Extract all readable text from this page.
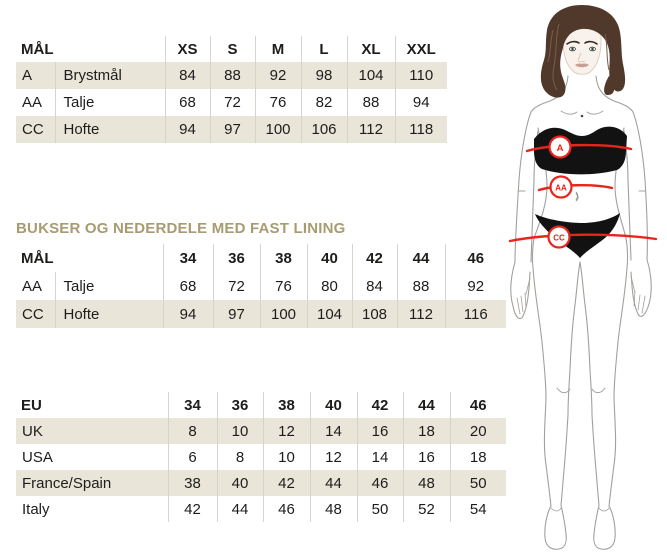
MÅL		XS	S	M	L	XL	XXL
A	Brystmål	84	88	92	98	104	110
AA	Talje	68	72	76	82	88	94
CC	Hofte	94	97	100	106	112	118
BUKSER OG NEDERDELE MED FAST LINING
MÅL		34	36	38	40	42	44	46
AA	Talje	68	72	76	80	84	88	92
CC	Hofte	94	97	100	104	108	112	116
EU	34	36	38	40	42	44	46
UK	8	10	12	14	16	18	20
USA	6	8	10	12	14	16	18
France/Spain	38	40	42	44	46	48	50
Italy	42	44	46	48	50	52	54
A
AA
CC
